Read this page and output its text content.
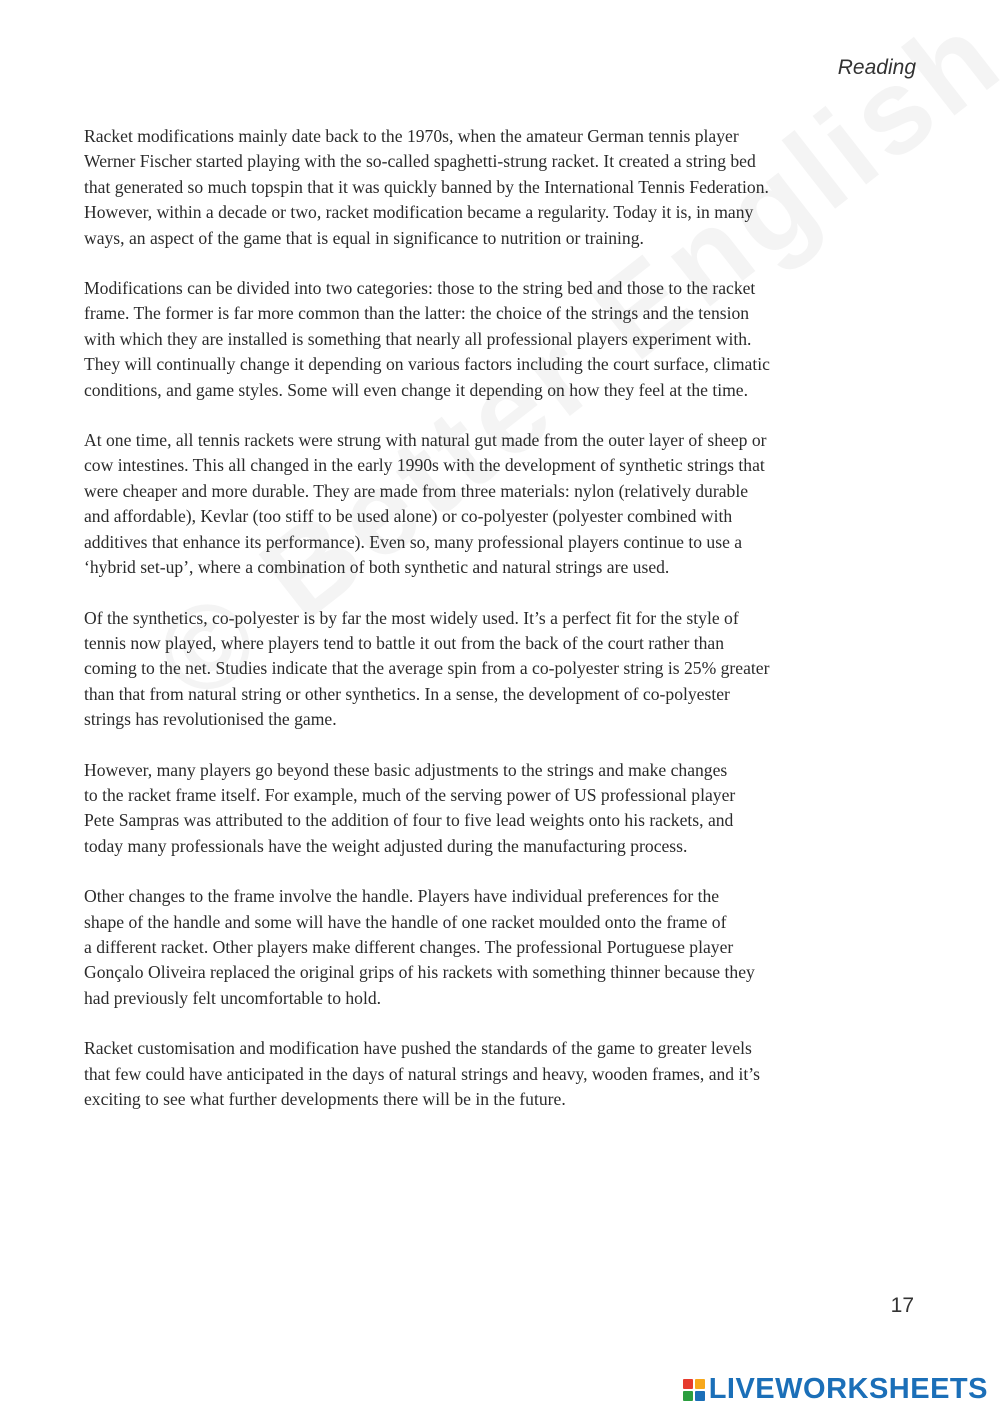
Reading

Racket modifications mainly date back to the 1970s, when the amateur German tennis player
Werner Fischer started playing with the so-called spaghetti-strung racket. It created a string bed
that generated so much topspin that it was quickly banned by the International Tennis Federation.
However, within a decade or two, racket modification became a regularity. Today it is, in many
ways, an aspect of the game that is equal in significance to nutrition or training.

Modifications can be divided into two categories: those to the string bed and those to the racket
frame. The former is far more common than the latter: the choice of the strings and the tension
with which they are installed is something that nearly all professional players experiment with.
They will continually change it depending on various factors including the court surface, climatic
conditions, and game styles. Some will even change it depending on how they feel at the time.

At one time, all tennis rackets were strung with natural gut made from the outer layer of sheep or
cow intestines. This all changed in the early 1990s with the development of synthetic strings that
were cheaper and more durable. They are made from three materials: nylon (relatively durable
and affordable), Kevlar (too stiff to be used alone) or co-polyester (polyester combined with
additives that enhance its performance). Even so, many professional players continue to use a
‘hybrid set-up’, where a combination of both synthetic and natural strings are used.

Of the synthetics, co-polyester is by far the most widely used. It’s a perfect fit for the style of
tennis now played, where players tend to battle it out from the back of the court rather than
coming to the net. Studies indicate that the average spin from a co-polyester string is 25% greater
than that from natural string or other synthetics. In a sense, the development of co-polyester
strings has revolutionised the game.

However, many players go beyond these basic adjustments to the strings and make changes
to the racket frame itself. For example, much of the serving power of US professional player
Pete Sampras was attributed to the addition of four to five lead weights onto his rackets, and
today many professionals have the weight adjusted during the manufacturing process.

Other changes to the frame involve the handle. Players have individual preferences for the
shape of the handle and some will have the handle of one racket moulded onto the frame of
a different racket. Other players make different changes. The professional Portuguese player
Gonçalo Oliveira replaced the original grips of his rackets with something thinner because they
had previously felt uncomfortable to hold.

Racket customisation and modification have pushed the standards of the game to greater levels
that few could have anticipated in the days of natural strings and heavy, wooden frames, and it’s
exciting to see what further developments there will be in the future.

17
LIVEWORKSHEETS
